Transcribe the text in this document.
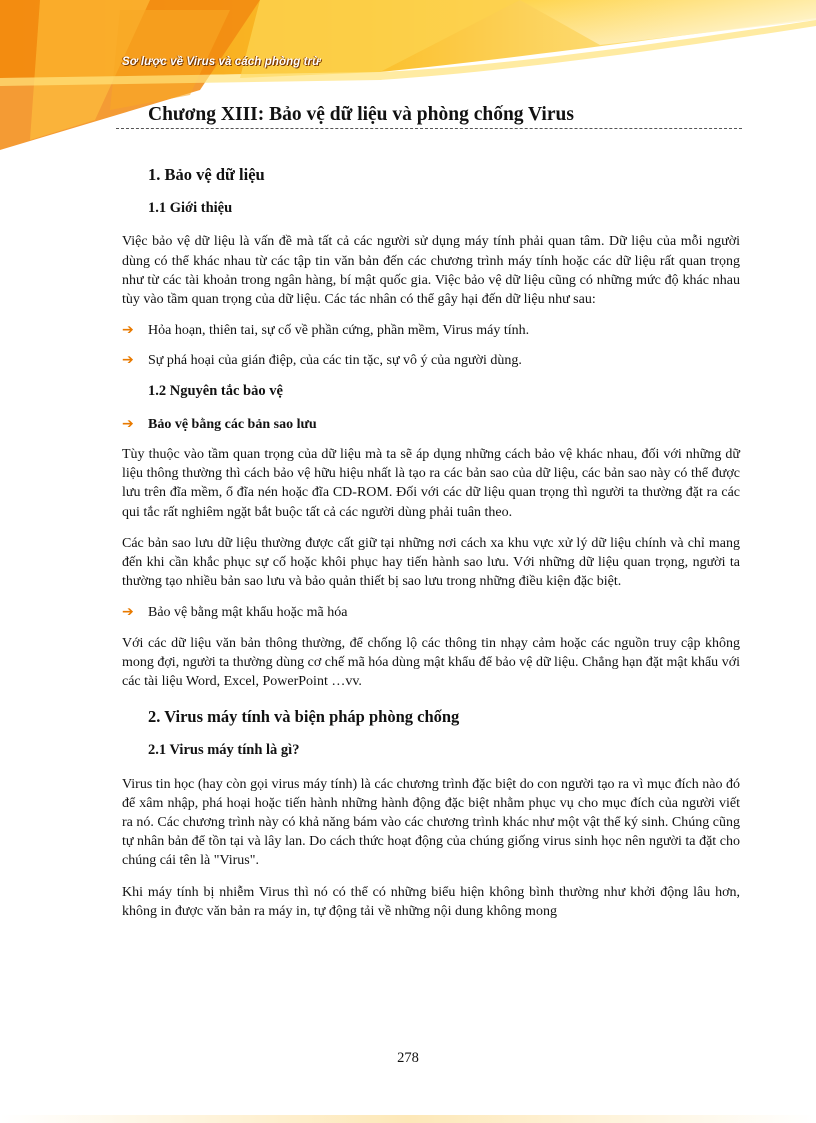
Sơ lược về Virus và cách phòng trừ
Chương XIII: Bảo vệ dữ liệu và phòng chống Virus
1. Bảo vệ dữ liệu
1.1 Giới thiệu

Việc bảo vệ dữ liệu là vấn đề mà tất cả các người sử dụng máy tính phải quan tâm. Dữ liệu của mỗi người dùng có thể khác nhau từ các tập tin văn bản đến các chương trình máy tính hoặc các dữ liệu rất quan trọng như từ các tài khoản trong ngân hàng, bí mật quốc gia. Việc bảo vệ dữ liệu cũng có những mức độ khác nhau tùy vào tầm quan trọng của dữ liệu. Các tác nhân có thể gây hại đến dữ liệu như sau:

➔	Hỏa hoạn, thiên tai, sự cố về phần cứng, phần mềm, Virus máy tính.
➔	Sự phá hoại của gián điệp, của các tin tặc, sự vô ý của người dùng.
1.2 Nguyên tắc bảo vệ
➔	Bảo vệ bằng các bản sao lưu

Tùy thuộc vào tầm quan trọng của dữ liệu mà ta sẽ áp dụng những cách bảo vệ khác nhau, đối với những dữ liệu thông thường thì cách bảo vệ hữu hiệu nhất là tạo ra các bản sao của dữ liệu, các bản sao này có thể được lưu trên đĩa mềm, ổ đĩa nén hoặc đĩa CD-ROM. Đối với các dữ liệu quan trọng thì người ta thường đặt ra các qui tắc rất nghiêm ngặt bắt buộc tất cả các người dùng phải tuân theo.

Các bản sao lưu dữ liệu thường được cất giữ tại những nơi cách xa khu vực xử lý dữ liệu chính và chỉ mang đến khi cần khắc phục sự cố hoặc khôi phục hay tiến hành sao lưu. Với những dữ liệu quan trọng, người ta thường tạo nhiều bản sao lưu và bảo quản thiết bị sao lưu trong những điều kiện đặc biệt.

➔	Bảo vệ bằng mật khẩu hoặc mã hóa

Với các dữ liệu văn bản thông thường, để chống lộ các thông tin nhạy cảm hoặc các nguồn truy cập không mong đợi, người ta thường dùng cơ chế mã hóa dùng mật khẩu để bảo vệ dữ liệu. Chẳng hạn đặt mật khẩu với các tài liệu Word, Excel, PowerPoint …vv.

2. Virus máy tính và biện pháp phòng chống
2.1 Virus máy tính là gì?

Virus tin học (hay còn gọi virus máy tính) là các chương trình đặc biệt do con người tạo ra vì mục đích nào đó để xâm nhập, phá hoại hoặc tiến hành những hành động đặc biệt nhằm phục vụ cho mục đích của người viết ra nó. Các chương trình này có khả năng bám vào các chương trình khác như một vật thể ký sinh. Chúng cũng tự nhân bản để tồn tại và lây lan. Do cách thức hoạt động của chúng giống virus sinh học nên người ta đặt cho chúng cái tên là "Virus".

Khi máy tính bị nhiễm Virus thì nó có thể có những biểu hiện không bình thường như khởi động lâu hơn, không in được văn bản ra máy in, tự động tải về những nội dung không mong

278
